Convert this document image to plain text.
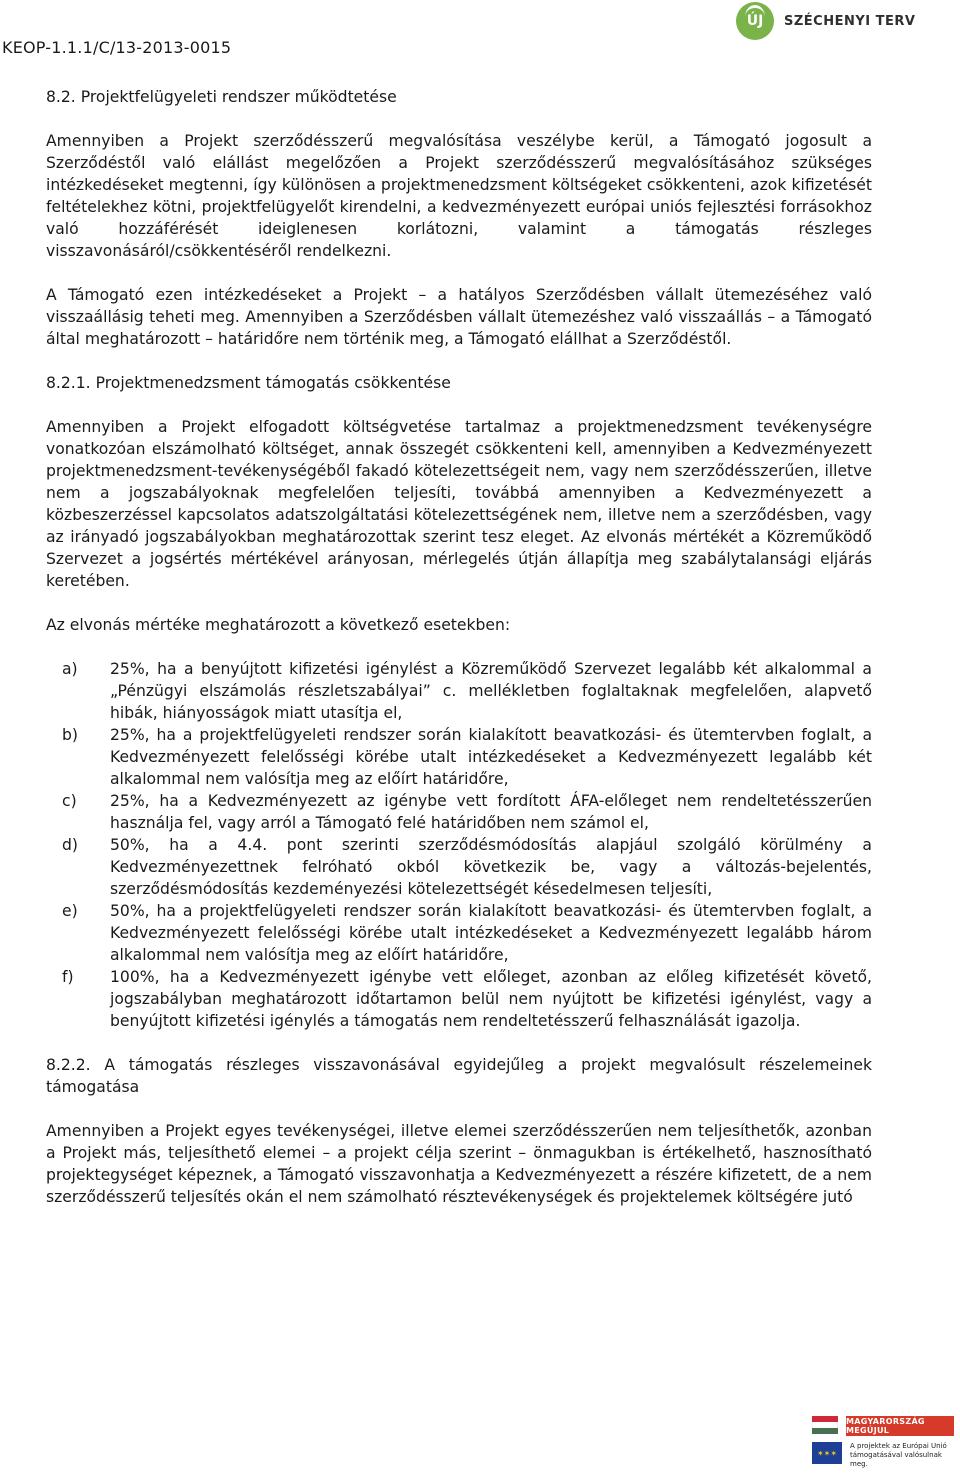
KEOP-1.1.1/C/13-2013-0015
ÚJ SZÉCHENYI TERV

8.2. Projektfelügyeleti rendszer működtetése

Amennyiben a Projekt szerződésszerű megvalósítása veszélybe kerül, a Támogató jogosult a Szerződéstől való elállást megelőzően a Projekt szerződésszerű megvalósításához szükséges intézkedéseket megtenni, így különösen a projektmenedzsment költségeket csökkenteni, azok kifizetését feltételekhez kötni, projektfelügyelőt kirendelni, a kedvezményezett európai uniós fejlesztési forrásokhoz való hozzáférését ideiglenesen korlátozni, valamint a támogatás részleges visszavonásáról/csökkentéséről rendelkezni.

A Támogató ezen intézkedéseket a Projekt – a hatályos Szerződésben vállalt ütemezéséhez való visszaállásig teheti meg. Amennyiben a Szerződésben vállalt ütemezéshez való visszaállás – a Támogató által meghatározott – határidőre nem történik meg, a Támogató elállhat a Szerződéstől.

8.2.1. Projektmenedzsment támogatás csökkentése

Amennyiben a Projekt elfogadott költségvetése tartalmaz a projektmenedzsment tevékenységre vonatkozóan elszámolható költséget, annak összegét csökkenteni kell, amennyiben a Kedvezményezett projektmenedzsment-tevékenységéből fakadó kötelezettségeit nem, vagy nem szerződésszerűen, illetve nem a jogszabályoknak megfelelően teljesíti, továbbá amennyiben a Kedvezményezett a közbeszerzéssel kapcsolatos adatszolgáltatási kötelezettségének nem, illetve nem a szerződésben, vagy az irányadó jogszabályokban meghatározottak szerint tesz eleget. Az elvonás mértékét a Közreműködő Szervezet a jogsértés mértékével arányosan, mérlegelés útján állapítja meg szabálytalansági eljárás keretében.

Az elvonás mértéke meghatározott a következő esetekben:

a)	25%, ha a benyújtott kifizetési igénylést a Közreműködő Szervezet legalább két alkalommal a „Pénzügyi elszámolás részletszabályai” c. mellékletben foglaltaknak megfelelően, alapvető hibák, hiányosságok miatt utasítja el,
b)	25%, ha a projektfelügyeleti rendszer során kialakított beavatkozási- és ütemtervben foglalt, a Kedvezményezett felelősségi körébe utalt intézkedéseket a Kedvezményezett legalább két alkalommal nem valósítja meg az előírt határidőre,
c)	25%, ha a Kedvezményezett az igénybe vett fordított ÁFA-előleget nem rendeltetésszerűen használja fel, vagy arról a Támogató felé határidőben nem számol el,
d)	50%, ha a 4.4. pont szerinti szerződésmódosítás alapjául szolgáló körülmény a Kedvezményezettnek felróható okból következik be, vagy a változás-bejelentés, szerződésmódosítás kezdeményezési kötelezettségét késedelmesen teljesíti,
e)	50%, ha a projektfelügyeleti rendszer során kialakított beavatkozási- és ütemtervben foglalt, a Kedvezményezett felelősségi körébe utalt intézkedéseket a Kedvezményezett legalább három alkalommal nem valósítja meg az előírt határidőre,
f)	100%, ha a Kedvezményezett igénybe vett előleget, azonban az előleg kifizetését követő, jogszabályban meghatározott időtartamon belül nem nyújtott be kifizetési igénylést, vagy a benyújtott kifizetési igénylés a támogatás nem rendeltetésszerű felhasználását igazolja.

8.2.2. A támogatás részleges visszavonásával egyidejűleg a projekt megvalósult részelemeinek támogatása

Amennyiben a Projekt egyes tevékenységei, illetve elemei szerződésszerűen nem teljesíthetők, azonban a Projekt más, teljesíthető elemei – a projekt célja szerint – önmagukban is értékelhető, hasznosítható projektegységet képeznek, a Támogató visszavonhatja a Kedvezményezett a részére kifizetett, de a nem szerződésszerű teljesítés okán el nem számolható résztevékenységek és projektelemek költségére jutó

MAGYARORSZÁG MEGÚJUL
✶✶✶
A projektek az Európai Unió támogatásával valósulnak meg.
